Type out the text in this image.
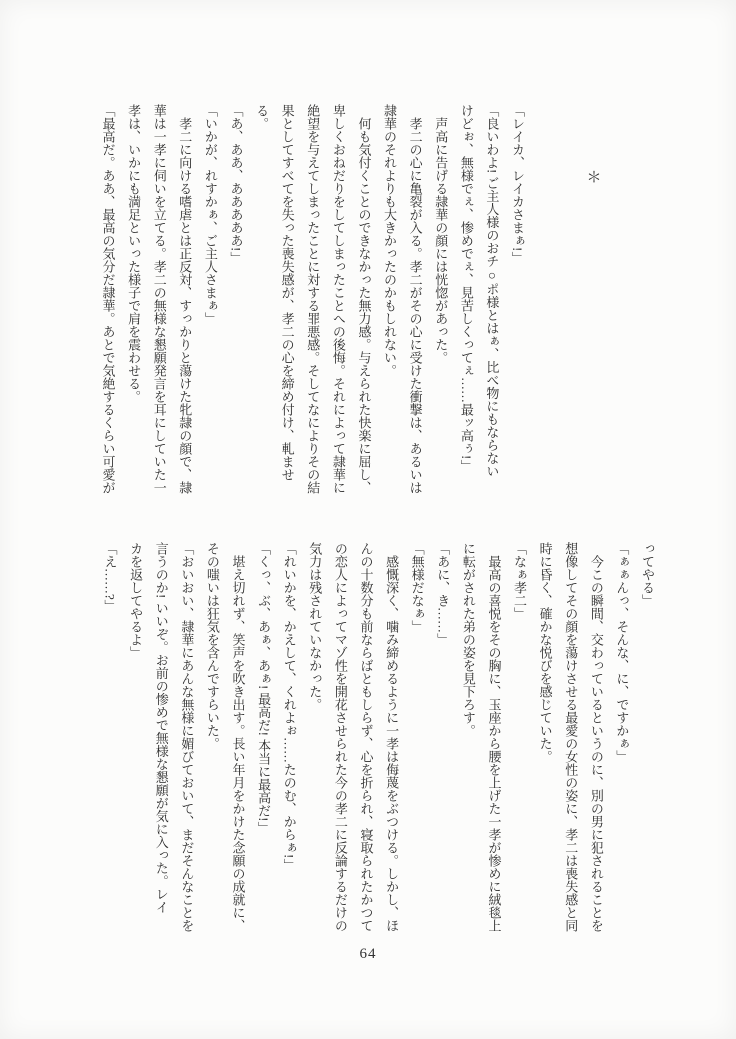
＊
「レイカ、レイカさまぁ!」
「良いわよ! ご主人様のおチ○ポ様とはぁ、比べ物にもならない
けどぉ、無様でぇ、惨めでぇ、見苦しくってぇ……最ッ高ぅ!」
　声高に告げる隷華の顔には恍惚があった。
　孝二の心に亀裂が入る。孝二がその心に受けた衝撃は、あるいは
隷華のそれよりも大きかったのかもしれない。
　何も気付くことのできなかった無力感。与えられた快楽に屈し、
卑しくおねだりをしてしまったことへの後悔。それによって隷華に
絶望を与えてしまったことに対する罪悪感。そしてなによりその結
果としてすべてを失った喪失感が、孝二の心を締め付け、軋ませ
る。
「あ、ああ、あああああ!」
「いかが、れすかぁ、ご主人さまぁ」
　孝二に向ける嗜虐とは正反対、すっかりと蕩けた牝隷の顔で、隷
華は一孝に伺いを立てる。孝二の無様な懇願発言を耳にしていた一
孝は、いかにも満足といった様子で肩を震わせる。
「最高だ。ああ、最高の気分だ隷華。あとで気絶するくらい可愛が
ってやる」
「ぁぁんっ、そんな、に、ですかぁ」
　今この瞬間、交わっているというのに、別の男に犯されることを
想像してその顔を蕩けさせる最愛の女性の姿に、孝二は喪失感と同
時に昏く、確かな悦びを感じていた。
「なぁ孝二」
　最高の喜悦をその胸に、玉座から腰を上げた一孝が惨めに絨毯上
に転がされた弟の姿を見下ろす。
「あに、き……」
「無様だなぁ」
　感慨深く、噛み締めるように一孝は侮蔑をぶつける。しかし、ほ
んの十数分も前ならばともしらず、心を折られ、寝取られたかつて
の恋人によってマゾ性を開花させられた今の孝二に反論するだけの
気力は残されていなかった。
「れいかを、かえして、くれよぉ……たのむ、からぁ!」
「くっ、ぶ、あぁ、あぁ! 最高だ! 本当に最高だ!」
　堪え切れず、笑声を吹き出す。長い年月をかけた念願の成就に、
その嗤いは狂気を含んですらいた。
「おいおい、隷華にあんな無様に媚びておいて、まだそんなことを
言うのか! いいぞ。お前の惨めで無様な懇願が気に入った。レイ
カを返してやるよ」
「え……?」
64
